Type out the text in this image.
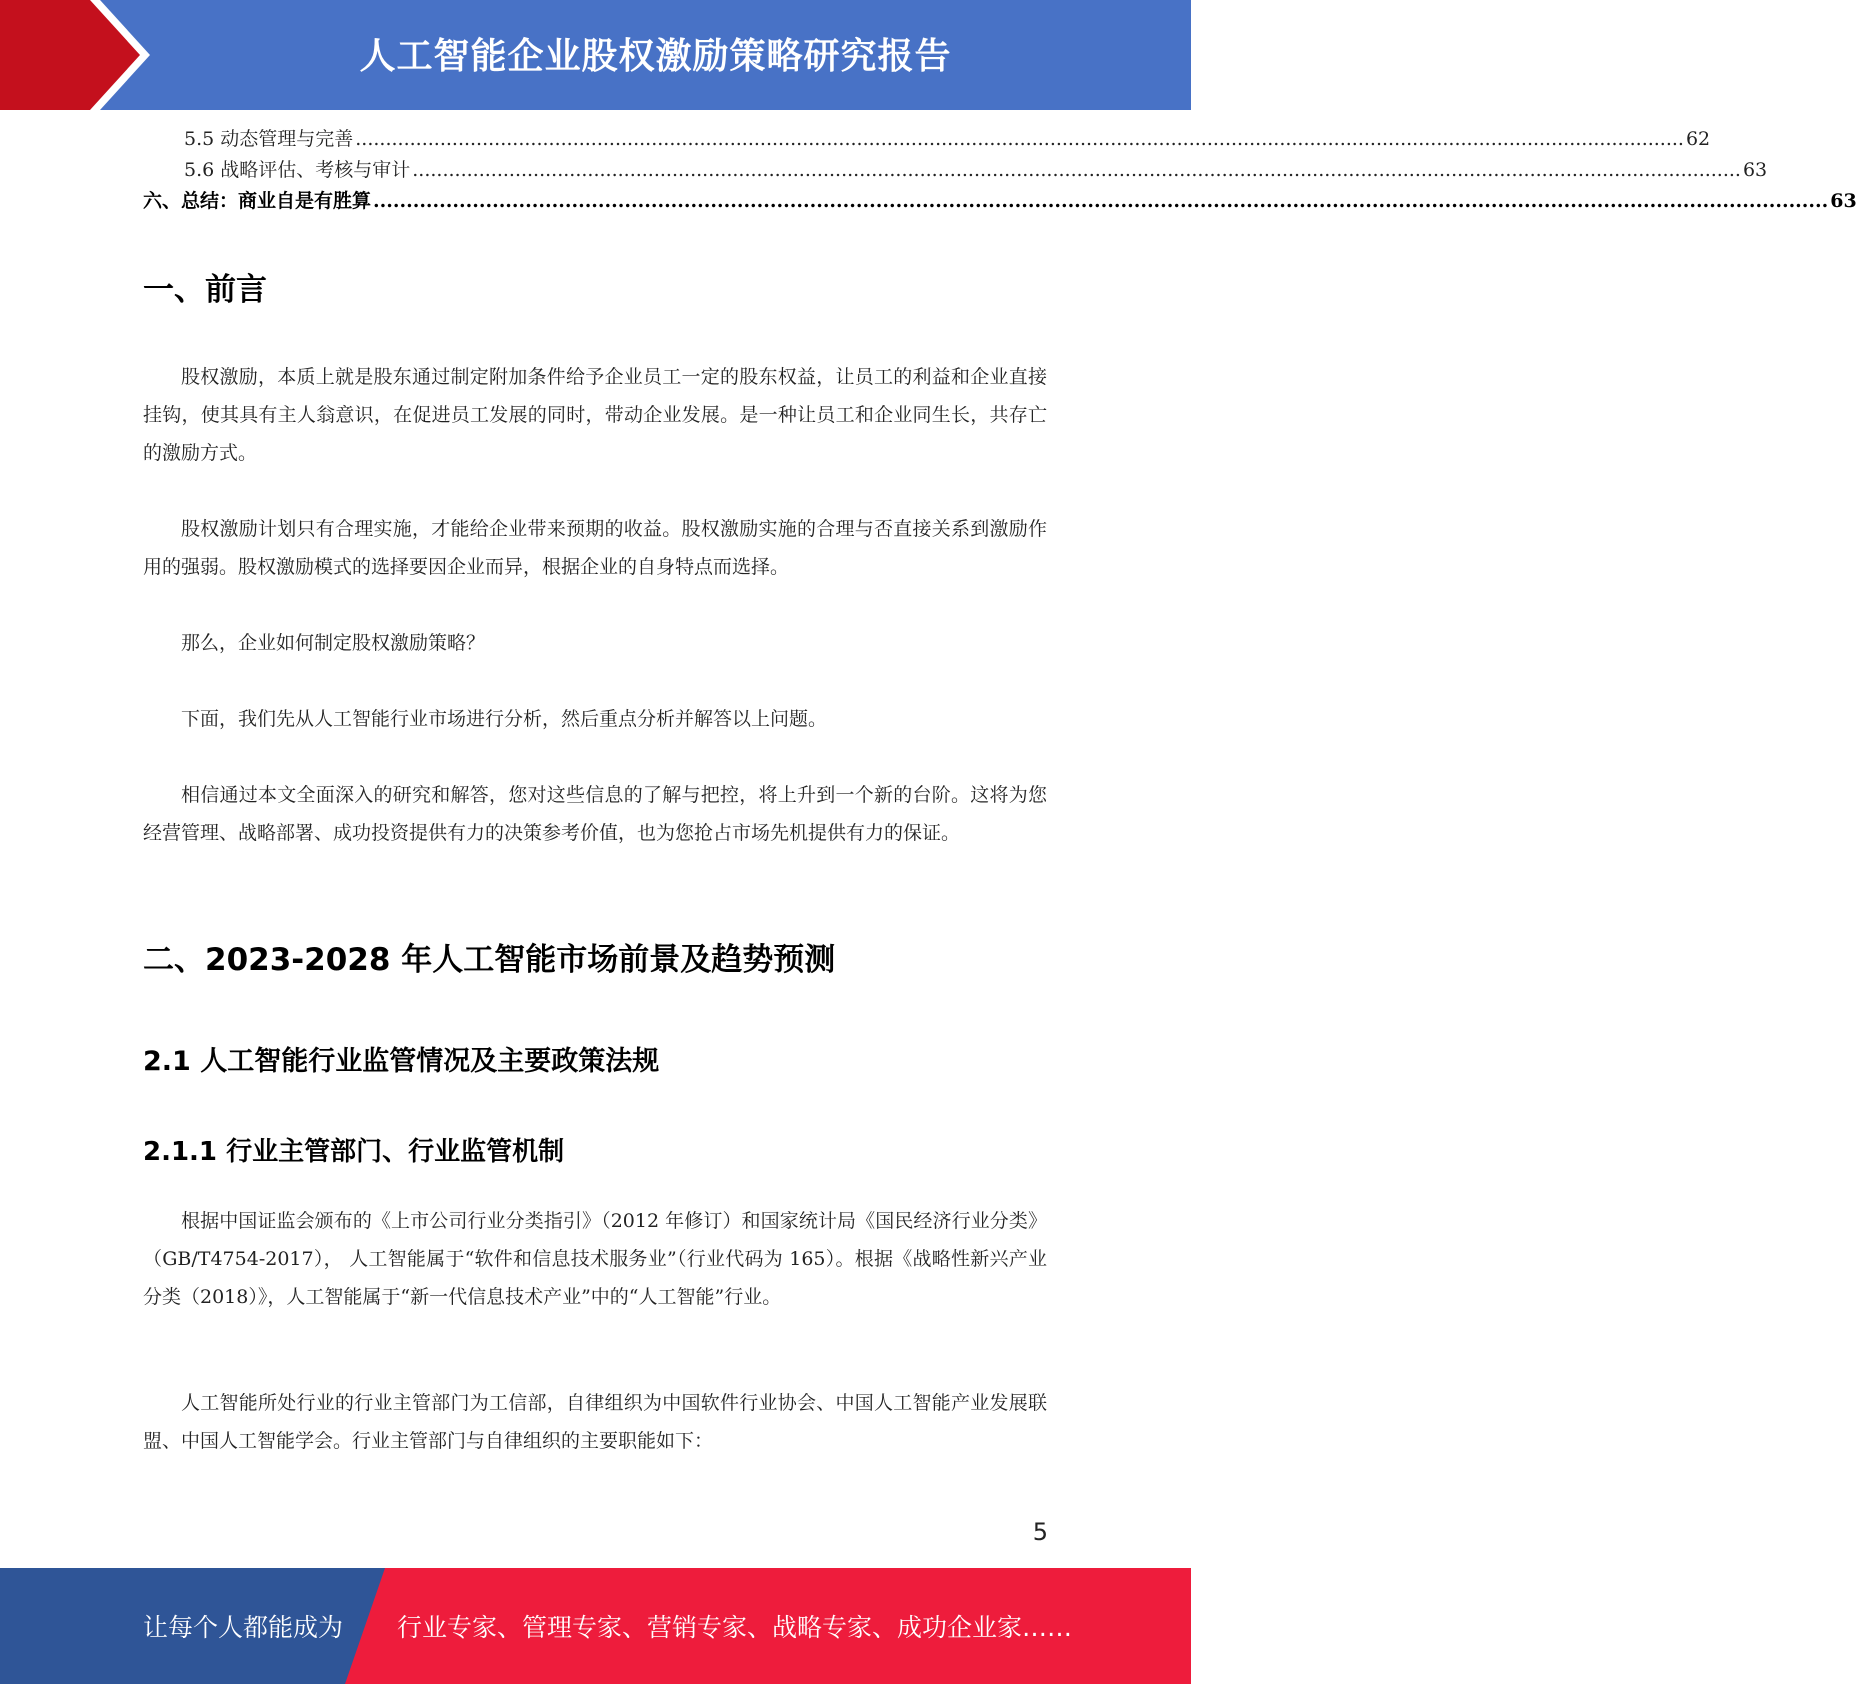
人工智能企业股权激励策略研究报告
5.5 动态管理与完善 ............................................................................................................................................................................................................................ 62
5.6 战略评估、考核与审计 ............................................................................................................................................................................................................................ 63
六、总结：商业自是有胜算 ............................................................................................................................................................................................................................ 63
一、前言

股权激励，本质上就是股东通过制定附加条件给予企业员工一定的股东权益，让员工的利益和企业直接挂钩，使其具有主人翁意识，在促进员工发展的同时，带动企业发展。是一种让员工和企业同生长，共存亡的激励方式。

股权激励计划只有合理实施，才能给企业带来预期的收益。股权激励实施的合理与否直接关系到激励作用的强弱。股权激励模式的选择要因企业而异，根据企业的自身特点而选择。

那么，企业如何制定股权激励策略？

下面，我们先从人工智能行业市场进行分析，然后重点分析并解答以上问题。

相信通过本文全面深入的研究和解答，您对这些信息的了解与把控，将上升到一个新的台阶。这将为您经营管理、战略部署、成功投资提供有力的决策参考价值，也为您抢占市场先机提供有力的保证。

二、2023-2028 年人工智能市场前景及趋势预测
2.1 人工智能行业监管情况及主要政策法规
2.1.1 行业主管部门、行业监管机制

根据中国证监会颁布的《上市公司行业分类指引》（2012 年修订）和国家统计局《国民经济行业分类》（GB/T4754-2017）， 人工智能属于“软件和信息技术服务业”（行业代码为 165）。根据《战略性新兴产业分类（2018）》，人工智能属于“新一代信息技术产业”中的“人工智能”行业。

人工智能所处行业的行业主管部门为工信部，自律组织为中国软件行业协会、中国人工智能产业发展联盟、中国人工智能学会。行业主管部门与自律组织的主要职能如下：

5
让每个人都能成为 行业专家、管理专家、营销专家、战略专家、成功企业家……
